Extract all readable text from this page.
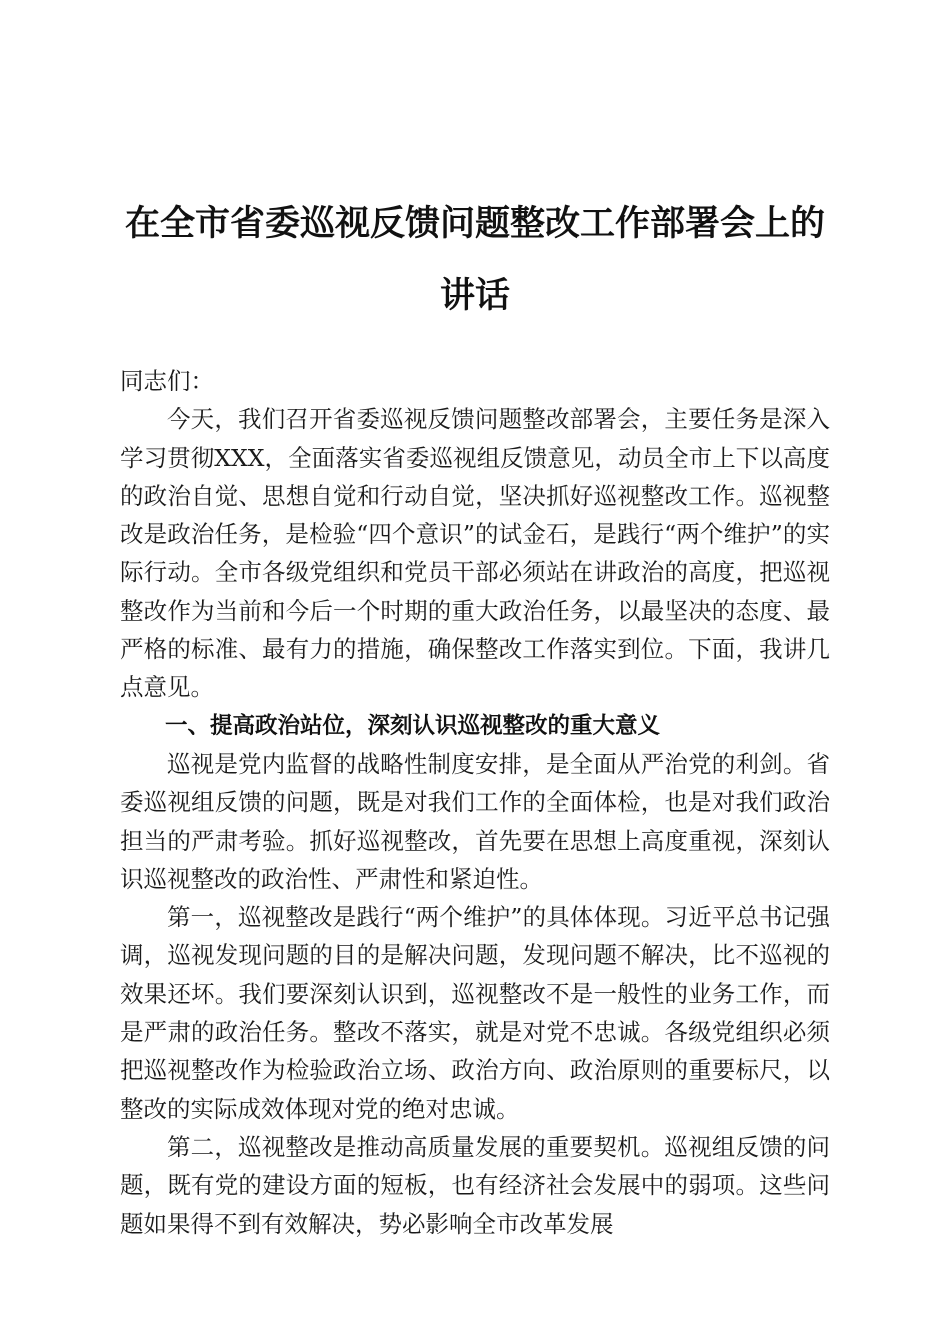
在全市省委巡视反馈问题整改工作部署会上的讲话

同志们：

今天，我们召开省委巡视反馈问题整改部署会，主要任务是深入学习贯彻XXX，全面落实省委巡视组反馈意见，动员全市上下以高度的政治自觉、思想自觉和行动自觉，坚决抓好巡视整改工作。巡视整改是政治任务，是检验“四个意识”的试金石，是践行“两个维护”的实际行动。全市各级党组织和党员干部必须站在讲政治的高度，把巡视整改作为当前和今后一个时期的重大政治任务，以最坚决的态度、最严格的标准、最有力的措施，确保整改工作落实到位。下面，我讲几点意见。

一、提高政治站位，深刻认识巡视整改的重大意义

巡视是党内监督的战略性制度安排，是全面从严治党的利剑。省委巡视组反馈的问题，既是对我们工作的全面体检，也是对我们政治担当的严肃考验。抓好巡视整改，首先要在思想上高度重视，深刻认识巡视整改的政治性、严肃性和紧迫性。

第一，巡视整改是践行“两个维护”的具体体现。习近平总书记强调，巡视发现问题的目的是解决问题，发现问题不解决，比不巡视的效果还坏。我们要深刻认识到，巡视整改不是一般性的业务工作，而是严肃的政治任务。整改不落实，就是对党不忠诚。各级党组织必须把巡视整改作为检验政治立场、政治方向、政治原则的重要标尺，以整改的实际成效体现对党的绝对忠诚。

第二，巡视整改是推动高质量发展的重要契机。巡视组反馈的问题，既有党的建设方面的短板，也有经济社会发展中的弱项。这些问题如果得不到有效解决，势必影响全市改革发展
